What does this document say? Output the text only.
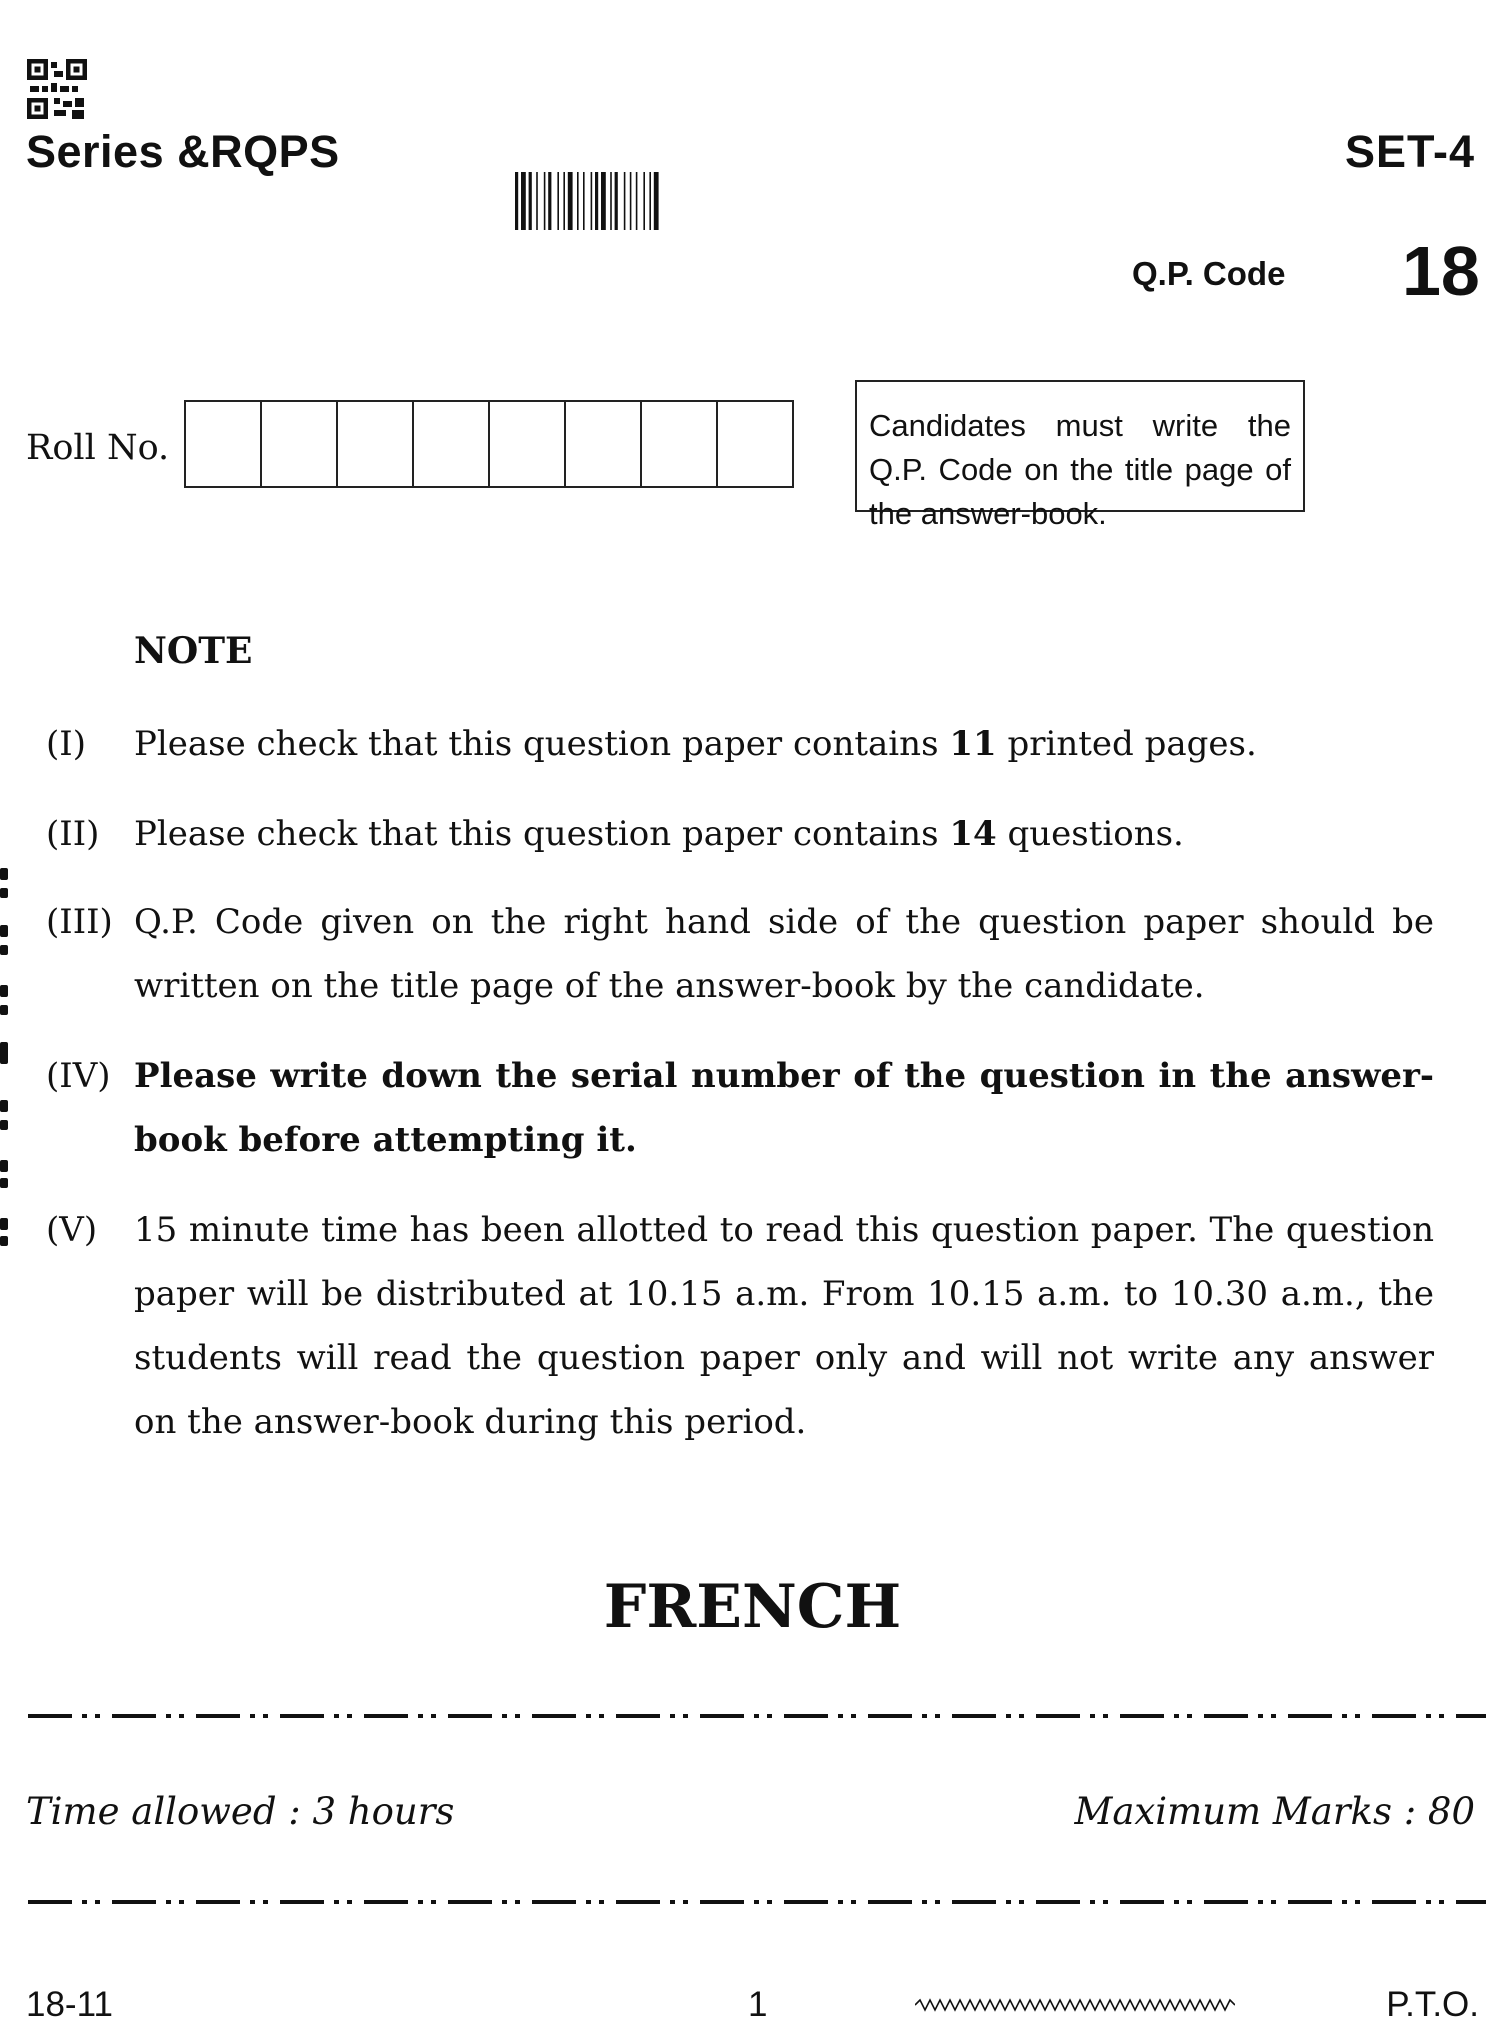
Series &RQPS	SET-4
Q.P. Code 18
Roll No.
Candidates must write the Q.P. Code on the title page of the answer-book.
NOTE
(I) Please check that this question paper contains 11 printed pages.
(II) Please check that this question paper contains 14 questions.
(III) Q.P. Code given on the right hand side of the question paper should be written on the title page of the answer-book by the candidate.
(IV) Please write down the serial number of the question in the answer-book before attempting it.
(V) 15 minute time has been allotted to read this question paper. The question paper will be distributed at 10.15 a.m. From 10.15 a.m. to 10.30 a.m., the students will read the question paper only and will not write any answer on the answer-book during this period.
FRENCH
Time allowed : 3 hours	Maximum Marks : 80
18-11	1	P.T.O.
